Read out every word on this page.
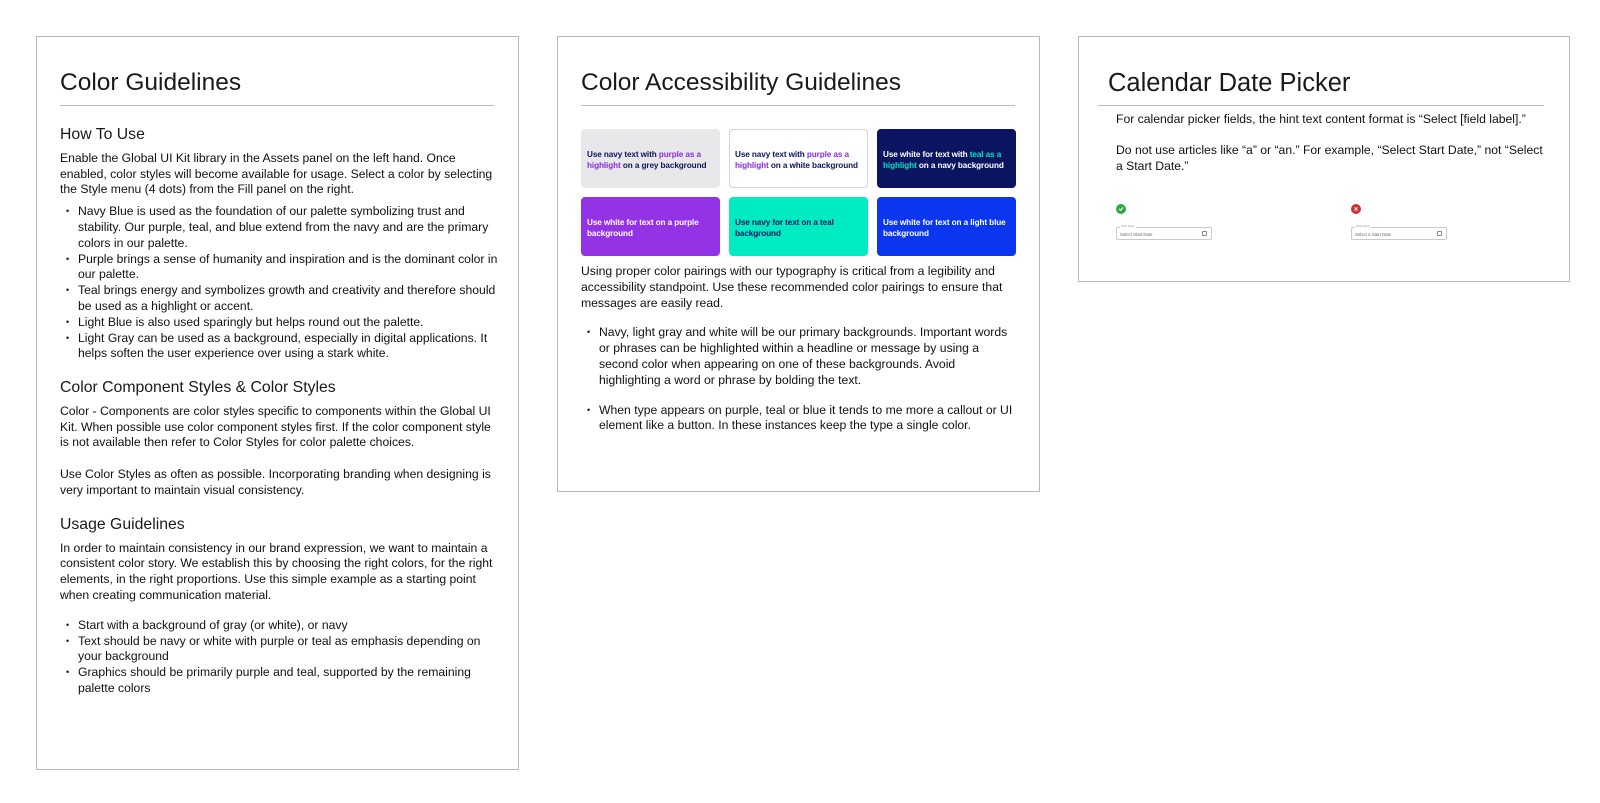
Color Guidelines
How To Use

Enable the Global UI Kit library in the Assets panel on the left hand. Once enabled, color styles will become available for usage. Select a color by selecting the Style menu (4 dots) from the Fill panel on the right.

• Navy Blue is used as the foundation of our palette symbolizing trust and stability. Our purple, teal, and blue extend from the navy and are the primary colors in our palette.
• Purple brings a sense of humanity and inspiration and is the dominant color in our palette.
• Teal brings energy and symbolizes growth and creativity and therefore should be used as a highlight or accent.
• Light Blue is also used sparingly but helps round out the palette.
• Light Gray can be used as a background, especially in digital applications. It helps soften the user experience over using a stark white.
Color Component Styles & Color Styles

Color - Components are color styles specific to components within the Global UI Kit. When possible use color component styles first. If the color component style is not available then refer to Color Styles for color palette choices.

Use Color Styles as often as possible. Incorporating branding when designing is very important to maintain visual consistency.

Usage Guidelines

In order to maintain consistency in our brand expression, we want to maintain a consistent color story. We establish this by choosing the right colors, for the right elements, in the right proportions. Use this simple example as a starting point when creating communication material.

• Start with a background of gray (or white), or navy
• Text should be navy or white with purple or teal as emphasis depending on your background
• Graphics should be primarily purple and teal, supported by the remaining palette colors
Color Accessibility Guidelines
Use navy text with purple as a highlight on a grey background
Use navy text with purple as a highlight on a white background
Use white for text with teal as a highlight on a navy background
Use white for text on a purple background
Use navy for text on a teal background
Use white for text on a light blue background

Using proper color pairings with our typography is critical from a legibility and accessibility standpoint. Use these recommended color pairings to ensure that messages are easily read.

• Navy, light gray and white will be our primary backgrounds. Important words or phrases can be highlighted within a headline or message by using a second color when appearing on one of these backgrounds. Avoid highlighting a word or phrase by bolding the text.
• When type appears on purple, teal or blue it tends to me more a callout or UI element like a button. In these instances keep the type a single color.
Calendar Date Picker

For calendar picker fields, the hint text content format is “Select [field label].”

Do not use articles like “a” or “an.” For example, “Select Start Date,” not “Select a Start Date.”

Start Date
Select Start Date
Start Date
Select a Start Date
